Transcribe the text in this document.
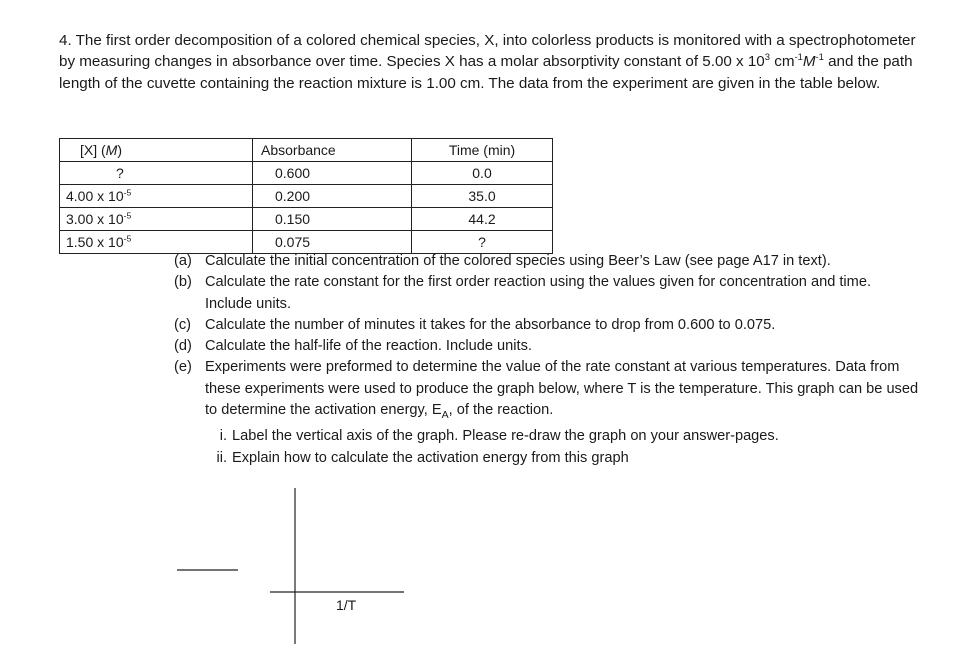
4. The first order decomposition of a colored chemical species, X, into colorless products is monitored with a spectrophotometer by measuring changes in absorbance over time. Species X has a molar absorptivity constant of 5.00 x $10^3$ $cm^{-1}M^{-1}$ and the path length of the cuvette containing the reaction mixture is 1.00 cm. The data from the experiment are given in the table below.

[X] (M)	Absorbance	Time (min)
?	0.600	0.0
4.00 x $10^{-5}$	0.200	35.0
3.00 x $10^{-5}$	0.150	44.2
1.50 x $10^{-5}$	0.075	?
(a) Calculate the initial concentration of the colored species using Beer’s Law (see page A17 in text).
(b) Calculate the rate constant for the first order reaction using the values given for concentration and time. Include units.
(c) Calculate the number of minutes it takes for the absorbance to drop from 0.600 to 0.075.
(d) Calculate the half-life of the reaction. Include units.
(e) Experiments were preformed to determine the value of the rate constant at various temperatures. Data from these experiments were used to produce the graph below, where T is the temperature. This graph can be used to determine the activation energy, $E_A$, of the reaction.
i. Label the vertical axis of the graph. Please re-draw the graph on your answer-pages.
ii. Explain how to calculate the activation energy from this graph
1/T
